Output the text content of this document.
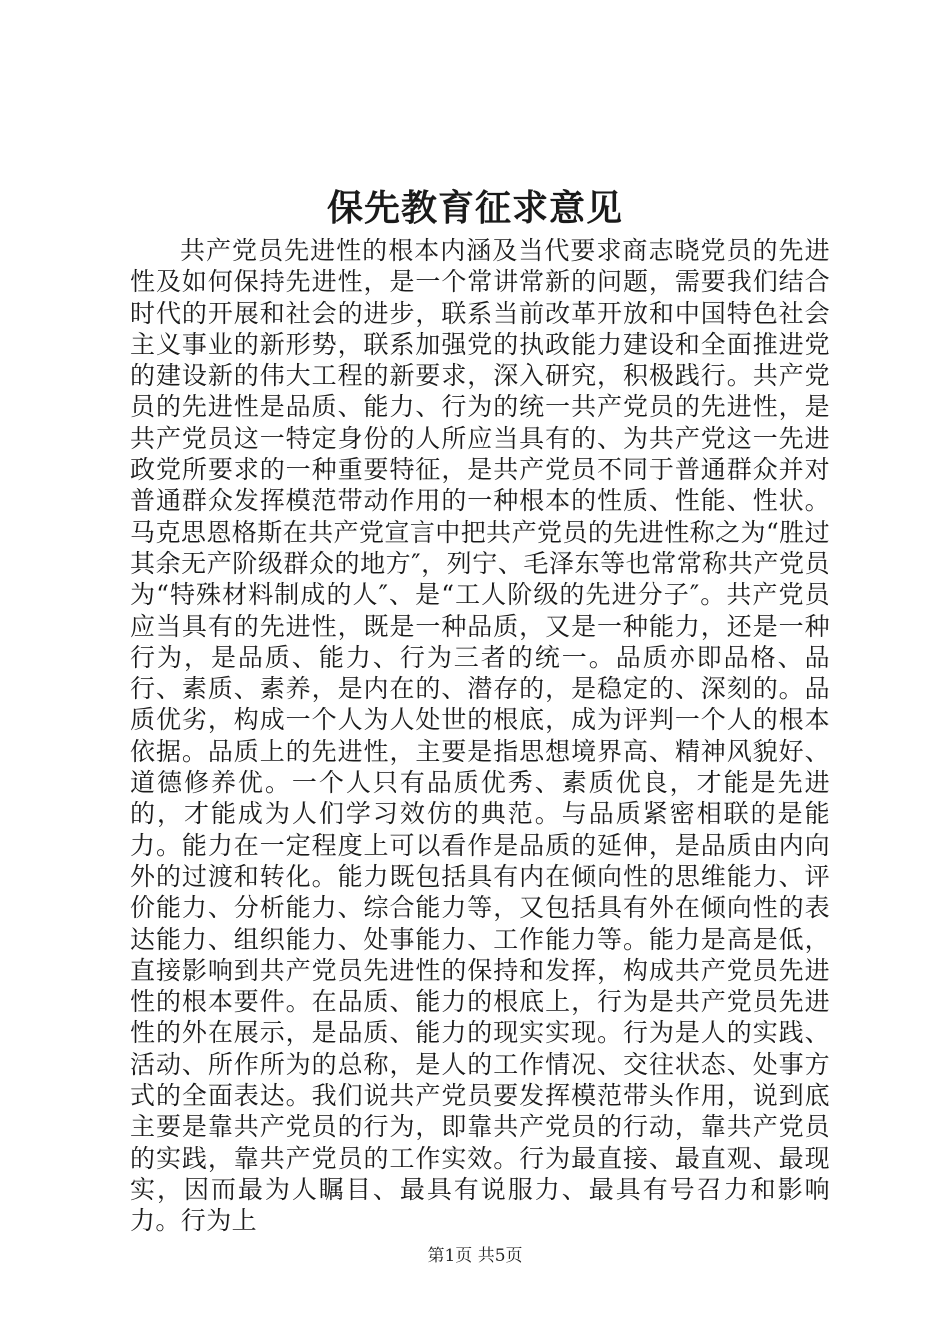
保先教育征求意见

共产党员先进性的根本内涵及当代要求商志晓党员的先进性及如何保持先进性，是一个常讲常新的问题，需要我们结合时代的开展和社会的进步，联系当前改革开放和中国特色社会主义事业的新形势，联系加强党的执政能力建设和全面推进党的建设新的伟大工程的新要求，深入研究，积极践行。共产党员的先进性是品质、能力、行为的统一共产党员的先进性，是共产党员这一特定身份的人所应当具有的、为共产党这一先进政党所要求的一种重要特征，是共产党员不同于普通群众并对普通群众发挥模范带动作用的一种根本的性质、性能、性状。马克思恩格斯在共产党宣言中把共产党员的先进性称之为“胜过其余无产阶级群众的地方″，列宁、毛泽东等也常常称共产党员为“特殊材料制成的人″、是“工人阶级的先进分子″。共产党员应当具有的先进性，既是一种品质，又是一种能力，还是一种行为，是品质、能力、行为三者的统一。品质亦即品格、品行、素质、素养，是内在的、潜存的，是稳定的、深刻的。品质优劣，构成一个人为人处世的根底，成为评判一个人的根本依据。品质上的先进性，主要是指思想境界高、精神风貌好、道德修养优。一个人只有品质优秀、素质优良，才能是先进的，才能成为人们学习效仿的典范。与品质紧密相联的是能力。能力在一定程度上可以看作是品质的延伸，是品质由内向外的过渡和转化。能力既包括具有内在倾向性的思维能力、评价能力、分析能力、综合能力等，又包括具有外在倾向性的表达能力、组织能力、处事能力、工作能力等。能力是高是低，直接影响到共产党员先进性的保持和发挥，构成共产党员先进性的根本要件。在品质、能力的根底上，行为是共产党员先进性的外在展示，是品质、能力的现实实现。行为是人的实践、活动、所作所为的总称，是人的工作情况、交往状态、处事方式的全面表达。我们说共产党员要发挥模范带头作用，说到底主要是靠共产党员的行为，即靠共产党员的行动，靠共产党员的实践，靠共产党员的工作实效。行为最直接、最直观、最现实，因而最为人瞩目、最具有说服力、最具有号召力和影响力。行为上

第1页 共5页
